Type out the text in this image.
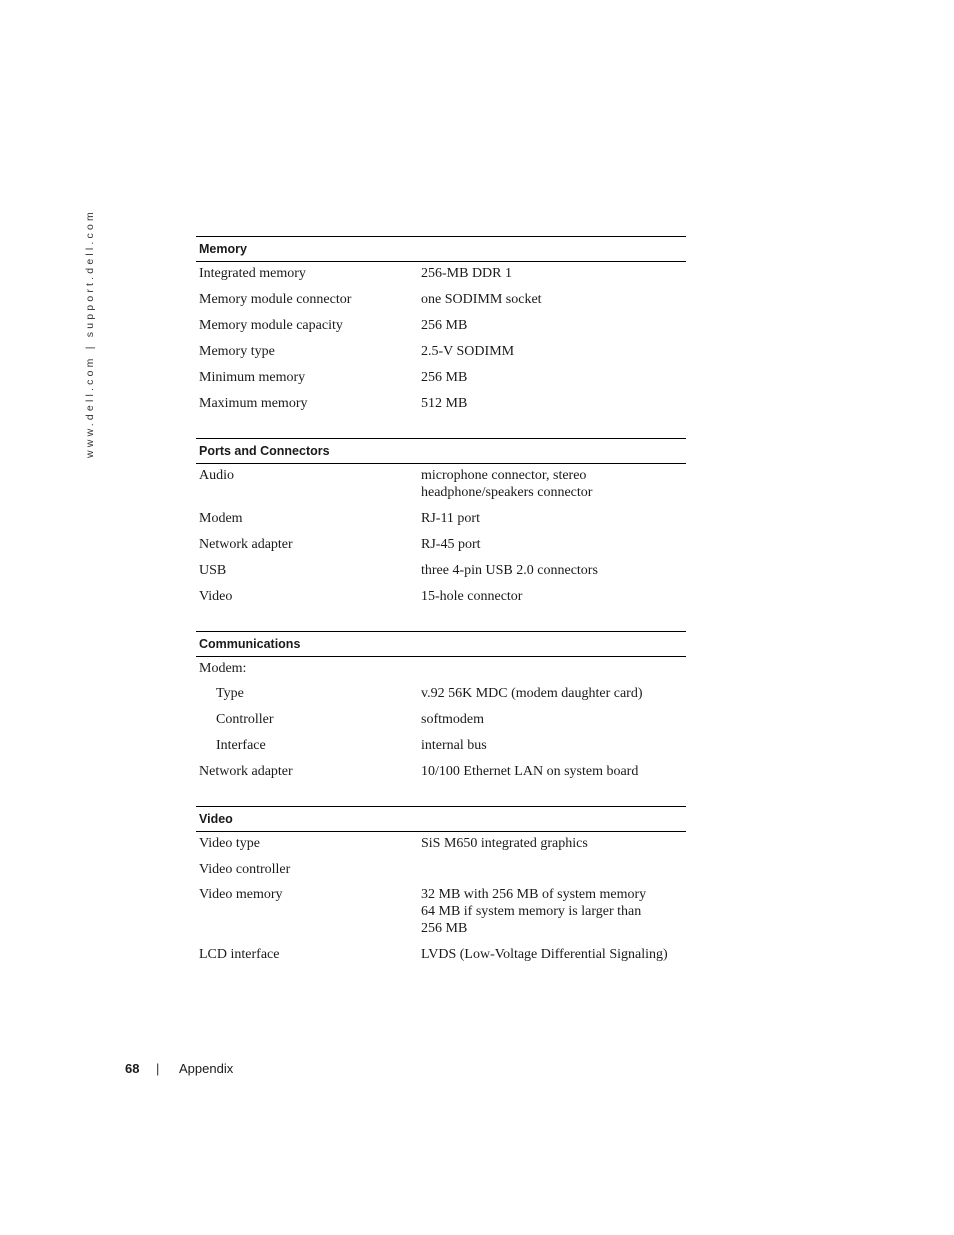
www.dell.com | support.dell.com	Memory
Integrated memory	256-MB DDR 1
Memory module connector	one SODIMM socket
Memory module capacity	256 MB
Memory type	2.5-V SODIMM
Minimum memory	256 MB
Maximum memory	512 MB
Ports and Connectors
Audio	microphone connector, stereo
headphone/speakers connector
Modem	RJ-11 port
Network adapter	RJ-45 port
USB	three 4-pin USB 2.0 connectors
Video	15-hole connector
Communications
Modem:
Type	v.92 56K MDC (modem daughter card)
Controller	softmodem
Interface	internal bus
Network adapter	10/100 Ethernet LAN on system board
Video
Video type	SiS M650 integrated graphics
Video controller
Video memory	32 MB with 256 MB of system memory
64 MB if system memory is larger than
256 MB
LCD interface	LVDS (Low-Voltage Differential Signaling)
68 | Appendix
